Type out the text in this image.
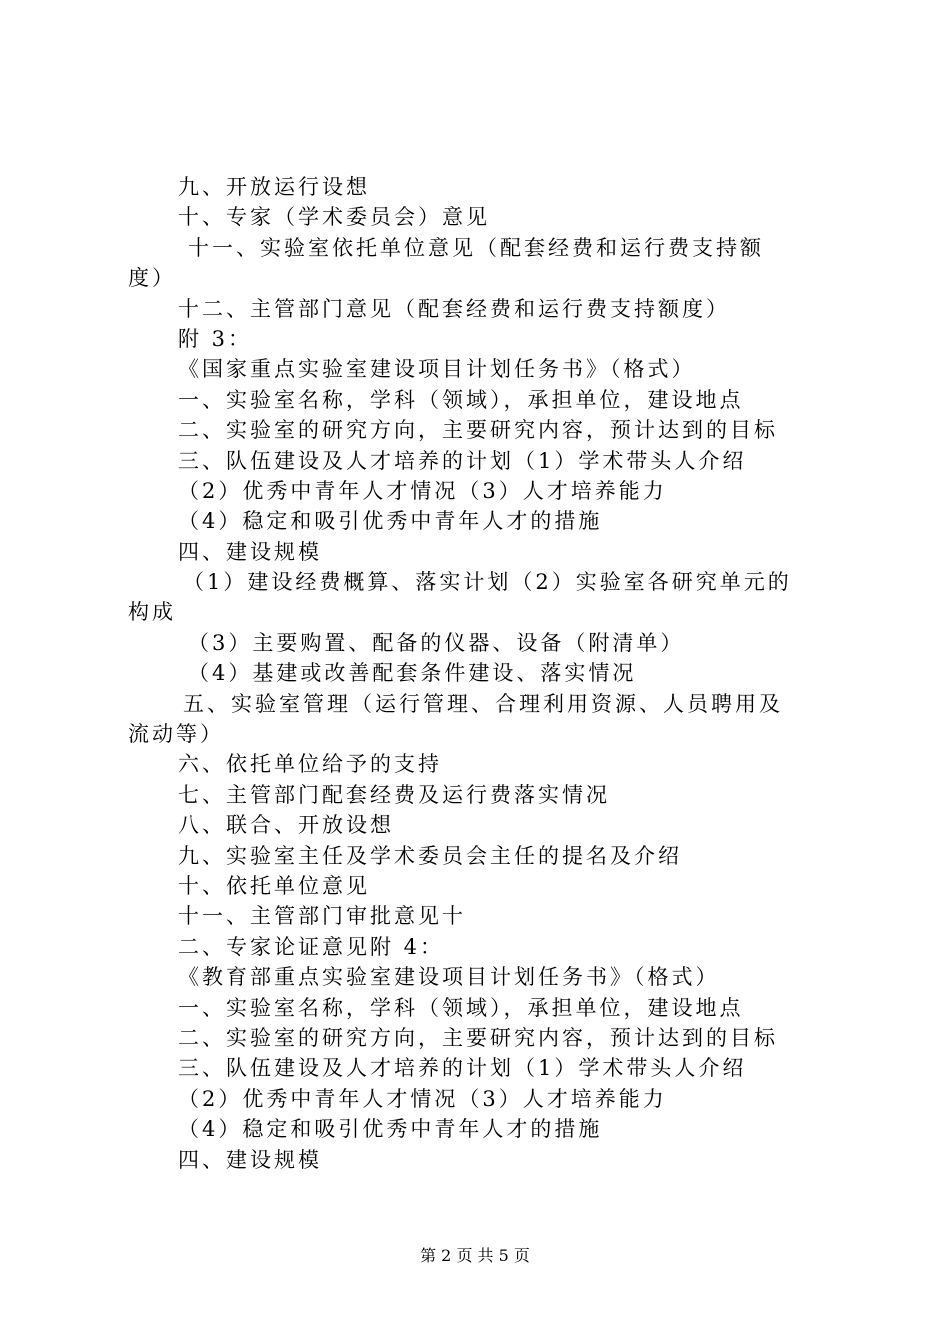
九、开放运行设想
十、专家（学术委员会）意见
十一、实验室依托单位意见（配套经费和运行费支持额
度）
十二、主管部门意见（配套经费和运行费支持额度）
附 3：
《国家重点实验室建设项目计划任务书》（格式）
一、实验室名称，学科（领域），承担单位，建设地点
二、实验室的研究方向，主要研究内容，预计达到的目标
三、队伍建设及人才培养的计划（1）学术带头人介绍
（2）优秀中青年人才情况（3）人才培养能力
（4）稳定和吸引优秀中青年人才的措施
四、建设规模
（1）建设经费概算、落实计划（2）实验室各研究单元的
构成
（3）主要购置、配备的仪器、设备（附清单）
（4）基建或改善配套条件建设、落实情况
五、实验室管理（运行管理、合理利用资源、人员聘用及
流动等）
六、依托单位给予的支持
七、主管部门配套经费及运行费落实情况
八、联合、开放设想
九、实验室主任及学术委员会主任的提名及介绍
十、依托单位意见
十一、主管部门审批意见十
二、专家论证意见附 4：
《教育部重点实验室建设项目计划任务书》（格式）
一、实验室名称，学科（领域），承担单位，建设地点
二、实验室的研究方向，主要研究内容，预计达到的目标
三、队伍建设及人才培养的计划（1）学术带头人介绍
（2）优秀中青年人才情况（3）人才培养能力
（4）稳定和吸引优秀中青年人才的措施
四、建设规模
第 2 页 共 5 页
